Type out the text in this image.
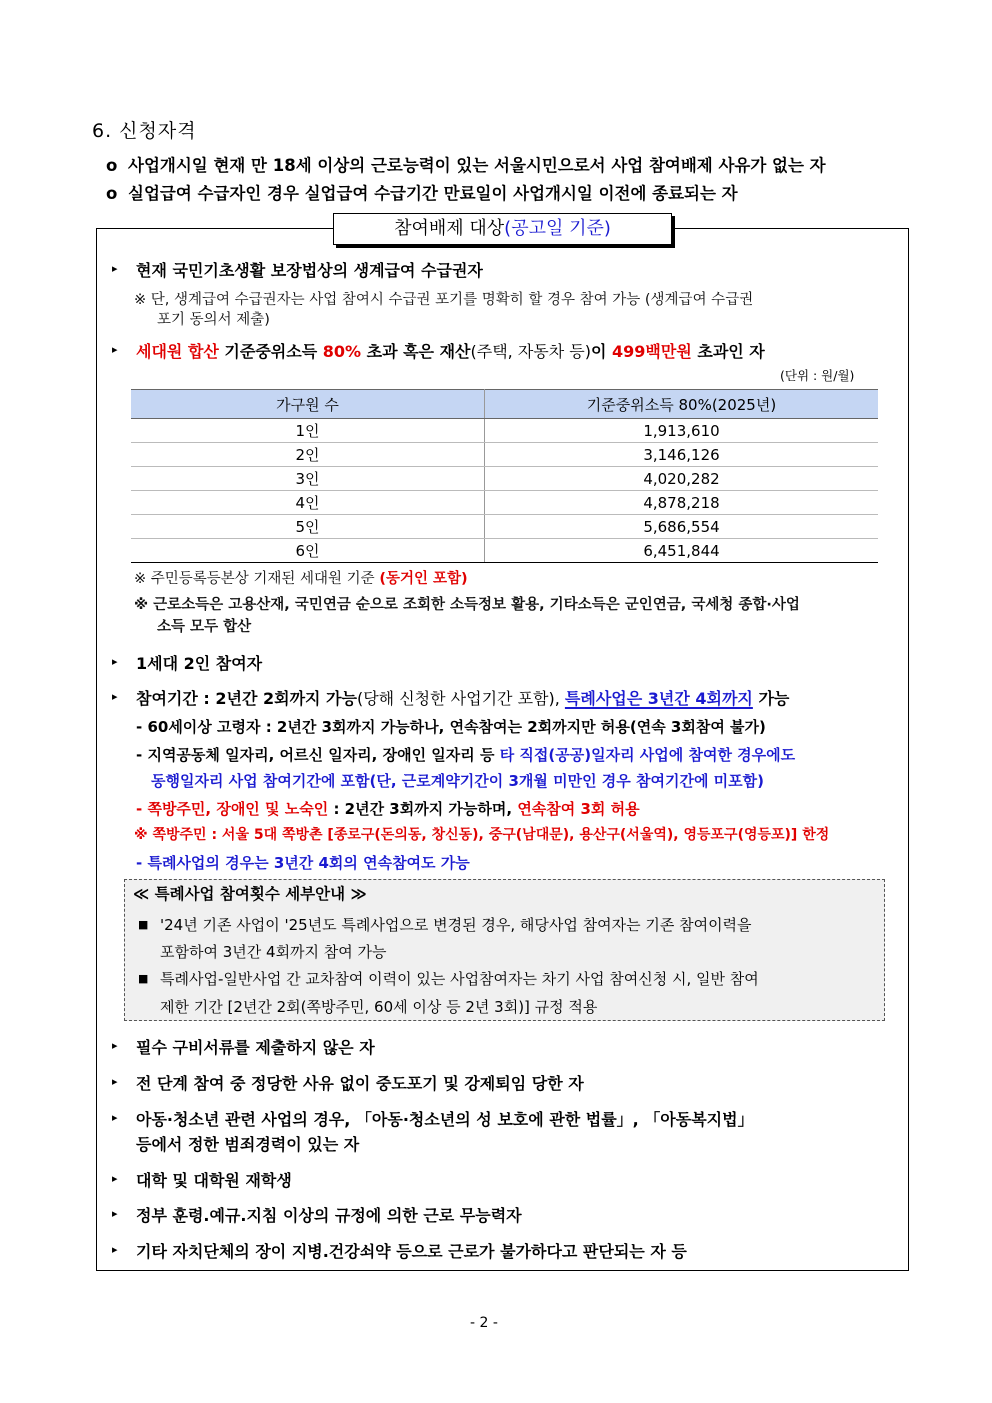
6. 신청자격
o 사업개시일 현재 만 18세 이상의 근로능력이 있는 서울시민으로서 사업 참여배제 사유가 없는 자
o 실업급여 수급자인 경우 실업급여 수급기간 만료일이 사업개시일 이전에 종료되는 자
참여배제 대상(공고일 기준)
▸ 현재 국민기초생활 보장법상의 생계급여 수급권자
※ 단, 생계급여 수급권자는 사업 참여시 수급권 포기를 명확히 할 경우 참여 가능 (생계급여 수급권
포기 동의서 제출)
▸ 세대원 합산 기준중위소득 80% 초과 혹은 재산(주택, 자동차 등)이 499백만원 초과인 자
(단위 : 원/월)
가구원 수	기준중위소득 80%(2025년)
1인	1,913,610
2인	3,146,126
3인	4,020,282
4인	4,878,218
5인	5,686,554
6인	6,451,844
※ 주민등록등본상 기재된 세대원 기준 (동거인 포함)
※ 근로소득은 고용산재, 국민연금 순으로 조회한 소득정보 활용, 기타소득은 군인연금, 국세청 종합·사업
소득 모두 합산
▸ 1세대 2인 참여자
▸ 참여기간 : 2년간 2회까지 가능(당해 신청한 사업기간 포함), 특례사업은 3년간 4회까지 가능
- 60세이상 고령자 : 2년간 3회까지 가능하나, 연속참여는 2회까지만 허용(연속 3회참여 불가)
- 지역공동체 일자리, 어르신 일자리, 장애인 일자리 등 타 직접(공공)일자리 사업에 참여한 경우에도
동행일자리 사업 참여기간에 포함(단, 근로계약기간이 3개월 미만인 경우 참여기간에 미포함)
- 쪽방주민, 장애인 및 노숙인 : 2년간 3회까지 가능하며, 연속참여 3회 허용
※ 쪽방주민 : 서울 5대 쪽방촌 [종로구(돈의동, 창신동), 중구(남대문), 용산구(서울역), 영등포구(영등포)] 한정
- 특례사업의 경우는 3년간 4회의 연속참여도 가능
≪ 특례사업 참여횟수 세부안내 ≫
■ '24년 기존 사업이 '25년도 특례사업으로 변경된 경우, 해당사업 참여자는 기존 참여이력을
포함하여 3년간 4회까지 참여 가능
■ 특례사업-일반사업 간 교차참여 이력이 있는 사업참여자는 차기 사업 참여신청 시, 일반 참여
제한 기간 [2년간 2회(쪽방주민, 60세 이상 등 2년 3회)] 규정 적용
▸ 필수 구비서류를 제출하지 않은 자
▸ 전 단계 참여 중 정당한 사유 없이 중도포기 및 강제퇴임 당한 자
▸ 아동·청소년 관련 사업의 경우, 「아동·청소년의 성 보호에 관한 법률」, 「아동복지법」
등에서 정한 범죄경력이 있는 자
▸ 대학 및 대학원 재학생
▸ 정부 훈령.예규.지침 이상의 규정에 의한 근로 무능력자
▸ 기타 자치단체의 장이 지병.건강쇠약 등으로 근로가 불가하다고 판단되는 자 등
- 2 -
